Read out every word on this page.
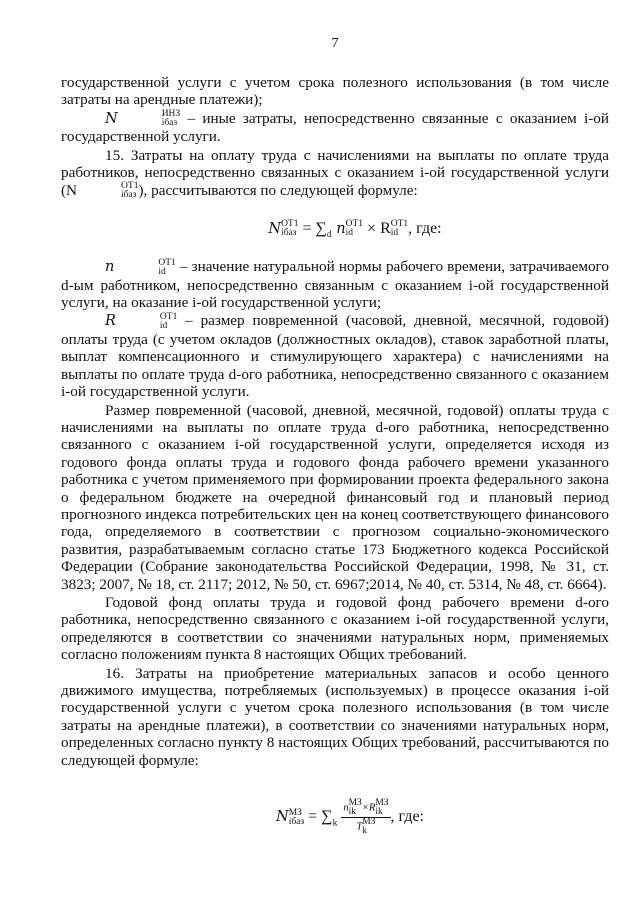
7

государственной услуги с учетом срока полезного использования (в том числе затраты на арендные платежи);

N	ИНЗ
iбаз – иные затраты, непосредственно связанные с оказанием i-ой государственной услуги.

15. Затраты на оплату труда с начислениями на выплаты по оплате труда работников, непосредственно связанных с оказанием i-ой государственной услуги (N	ОТ1
iбаз ), рассчитываются по следующей формуле:

N ОТ1
iбаз = $\sum_d$ n ОТ1
id × R ОТ1
id , где:

n	ОТ1
id – значение натуральной нормы рабочего времени, затрачиваемого d-ым работником, непосредственно связанным с оказанием i-ой государственной услуги, на оказание i-ой государственной услуги;

R	ОТ1
id – размер повременной (часовой, дневной, месячной, годовой) оплаты труда (с учетом окладов (должностных окладов), ставок заработной платы, выплат компенсационного и стимулирующего характера) с начислениями на выплаты по оплате труда d-ого работника, непосредственно связанного с оказанием i-ой государственной услуги.

Размер повременной (часовой, дневной, месячной, годовой) оплаты труда с начислениями на выплаты по оплате труда d-ого работника, непосредственно связанного с оказанием i-ой государственной услуги, определяется исходя из годового фонда оплаты труда и годового фонда рабочего времени указанного работника с учетом применяемого при формировании проекта федерального закона о федеральном бюджете на очередной финансовый год и плановый период прогнозного индекса потребительских цен на конец соответствующего финансового года, определяемого в соответствии с прогнозом социально-экономического развития, разрабатываемым согласно статье 173 Бюджетного кодекса Российской Федерации (Собрание законодательства Российской Федерации, 1998, № 31, ст. 3823; 2007, № 18, ст. 2117; 2012, № 50, ст. 6967;2014, № 40, ст. 5314, № 48, ст. 6664).

Годовой фонд оплаты труда и годовой фонд рабочего времени d-ого работника, непосредственно связанного с оказанием i-ой государственной услуги, определяются в соответствии со значениями натуральных норм, применяемых согласно положениям пункта 8 настоящих Общих требований.

16. Затраты на приобретение материальных запасов и особо ценного движимого имущества, потребляемых (используемых) в процессе оказания i-ой государственной услуги с учетом срока полезного использования (в том числе затраты на арендные платежи), в соответствии со значениями натуральных норм, определенных согласно пункту 8 настоящих Общих требований, рассчитываются по следующей формуле:

N МЗ
iбаз = $\sum_k$ n МЗ
ik ×R МЗ
ik
T МЗ
k , где:
